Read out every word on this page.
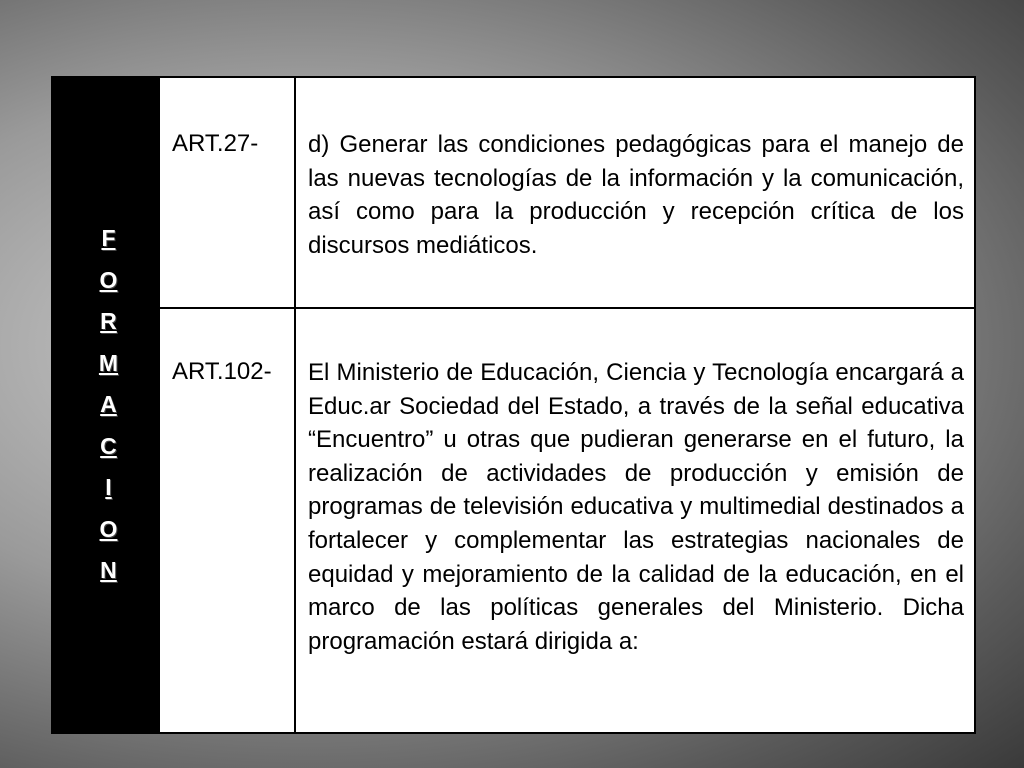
F
O
R
M
A
C
I
O
N
ART.27-	d) Generar las condiciones pedagógicas para el manejo de las nuevas tecnologías de la información y la comunicación, así como para la producción y recepción crítica de los discursos mediáticos.
ART.102-	El Ministerio de Educación, Ciencia y Tecnología encargará a Educ.ar Sociedad del Estado, a través de la señal educativa “Encuentro” u otras que pudieran generarse en el futuro, la realización de actividades de producción y emisión de programas de televisión educativa y multimedial destinados a fortalecer y complementar las estrategias nacionales de equidad y mejoramiento de la calidad de la educación, en el marco de las políticas generales del Ministerio. Dicha programación estará dirigida a:
